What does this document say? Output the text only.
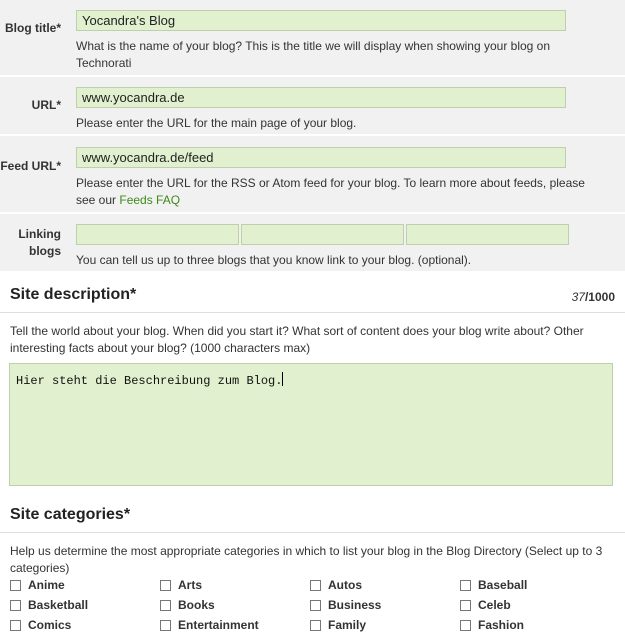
Blog title*	Yocandra's Blog
What is the name of your blog? This is the title we will display when showing your blog on Technorati
URL*	www.yocandra.de
Please enter the URL for the main page of your blog.
Feed URL*
www.yocandra.de/feed
Please enter the URL for the RSS or Atom feed for your blog. To learn more about feeds, please see our Feeds FAQ
Linking blogs
You can tell us up to three blogs that you know link to your blog. (optional).
Site description*	37/1000
Tell the world about your blog. When did you start it? What sort of content does your blog write about? Other interesting facts about your blog? (1000 characters max)
Hier steht die Beschreibung zum Blog.
Site categories*
Help us determine the most appropriate categories in which to list your blog in the Blog Directory (Select up to 3 categories)
Anime	Arts	Autos	Baseball
Basketball	Books	Business	Celeb
Comics	Entertainment	Family	Fashion
